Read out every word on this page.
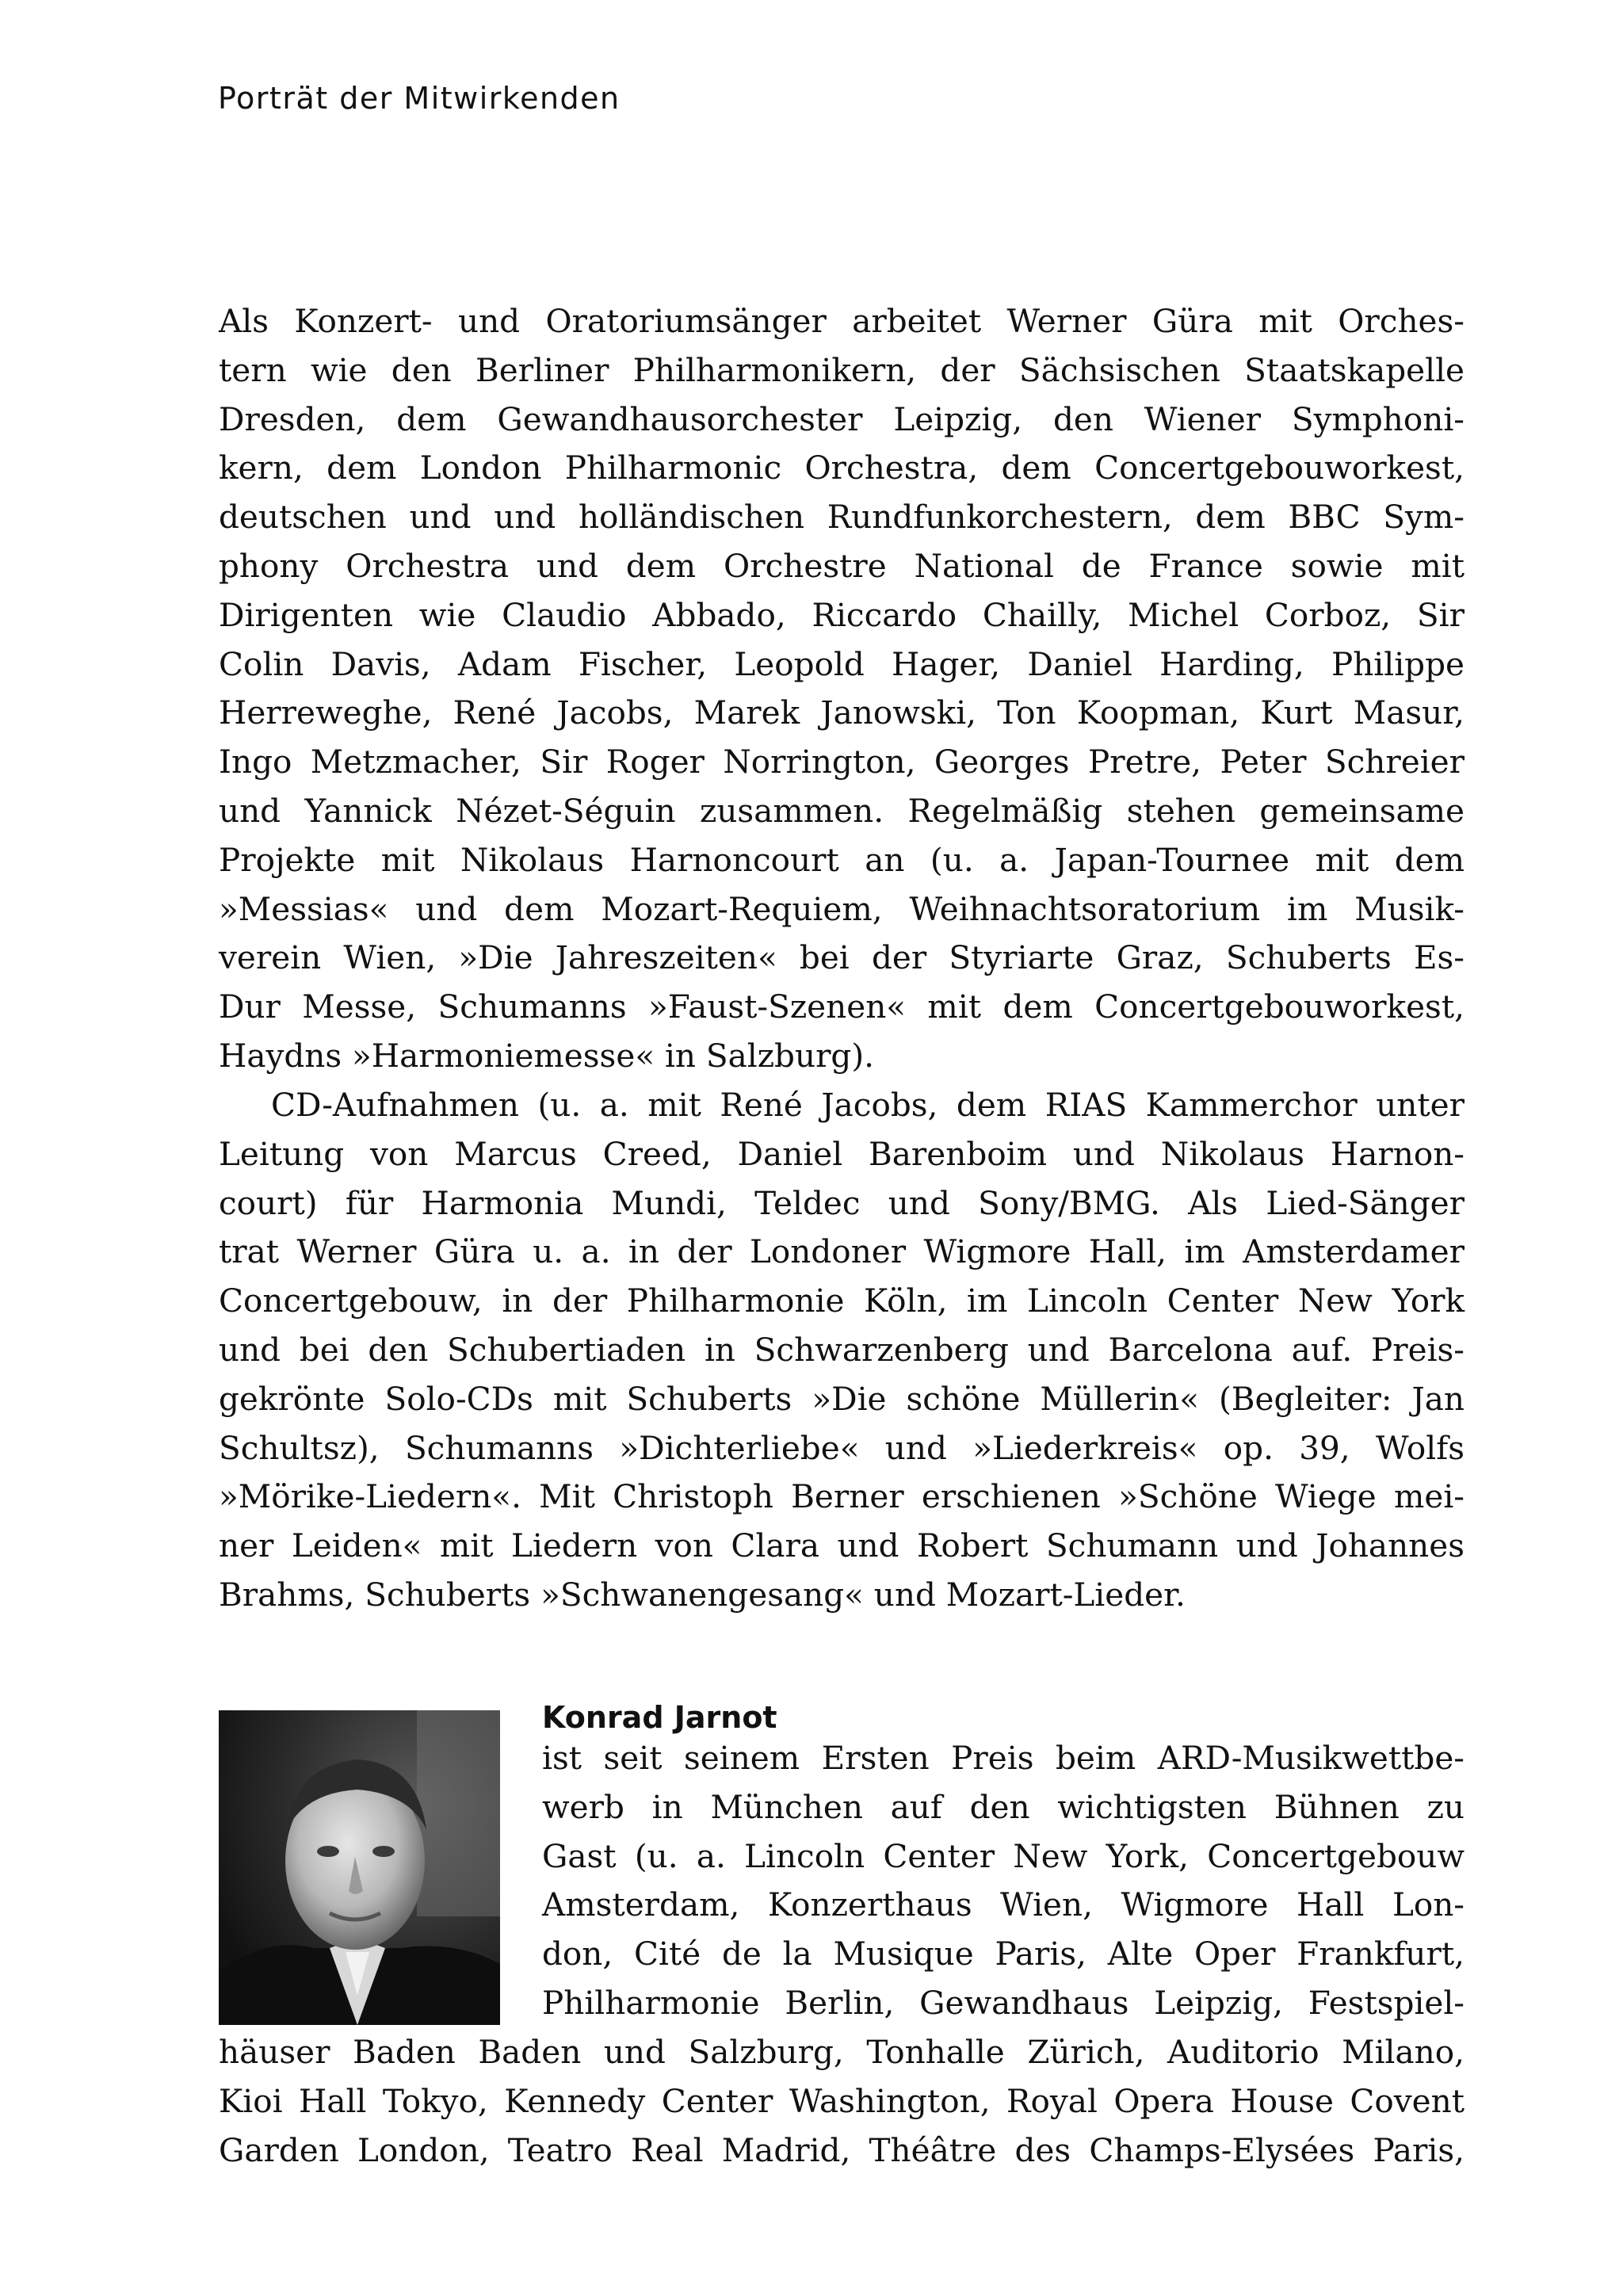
Porträt der Mitwirkenden
Als Konzert- und Oratoriumsänger arbeitet Werner Güra mit Orches-
tern wie den Berliner Philharmonikern, der Sächsischen Staatskapelle
Dresden, dem Gewandhausorchester Leipzig, den Wiener Symphoni-
kern, dem London Philharmonic Orchestra, dem Concertgebouworkest,
deutschen und und holländischen Rundfunkorchestern, dem BBC Sym-
phony Orchestra und dem Orchestre National de France sowie mit
Dirigenten wie Claudio Abbado, Riccardo Chailly, Michel Corboz, Sir
Colin Davis, Adam Fischer, Leopold Hager, Daniel Harding, Philippe
Herreweghe, René Jacobs, Marek Janowski, Ton Koopman, Kurt Masur,
Ingo Metzmacher, Sir Roger Norrington, Georges Pretre, Peter Schreier
und Yannick Nézet-Séguin zusammen. Regelmäßig stehen gemeinsame
Projekte mit Nikolaus Harnoncourt an (u. a. Japan-Tournee mit dem
»Messias« und dem Mozart-Requiem, Weihnachtsoratorium im Musik-
verein Wien, »Die Jahreszeiten« bei der Styriarte Graz, Schuberts Es-
Dur Messe, Schumanns »Faust-Szenen« mit dem Concertgebouworkest,
Haydns »Harmoniemesse« in Salzburg).
CD-Aufnahmen (u. a. mit René Jacobs, dem RIAS Kammerchor unter
Leitung von Marcus Creed, Daniel Barenboim und Nikolaus Harnon-
court) für Harmonia Mundi, Teldec und Sony/BMG. Als Lied-Sänger
trat Werner Güra u. a. in der Londoner Wigmore Hall, im Amsterdamer
Concertgebouw, in der Philharmonie Köln, im Lincoln Center New York
und bei den Schubertiaden in Schwarzenberg und Barcelona auf. Preis-
gekrönte Solo-CDs mit Schuberts »Die schöne Müllerin« (Begleiter: Jan
Schultsz), Schumanns »Dichterliebe« und »Liederkreis« op. 39, Wolfs
»Mörike-Liedern«. Mit Christoph Berner erschienen »Schöne Wiege mei-
ner Leiden« mit Liedern von Clara und Robert Schumann und Johannes
Brahms, Schuberts »Schwanengesang« und Mozart-Lieder.
Konrad Jarnot
ist seit seinem Ersten Preis beim ARD-Musikwettbe-
werb in München auf den wichtigsten Bühnen zu
Gast (u. a. Lincoln Center New York, Concertgebouw
Amsterdam, Konzerthaus Wien, Wigmore Hall Lon-
don, Cité de la Musique Paris, Alte Oper Frankfurt,
Philharmonie Berlin, Gewandhaus Leipzig, Festspiel-
häuser Baden Baden und Salzburg, Tonhalle Zürich, Auditorio Milano,
Kioi Hall Tokyo, Kennedy Center Washington, Royal Opera House Covent
Garden London, Teatro Real Madrid, Théâtre des Champs-Elysées Paris,
